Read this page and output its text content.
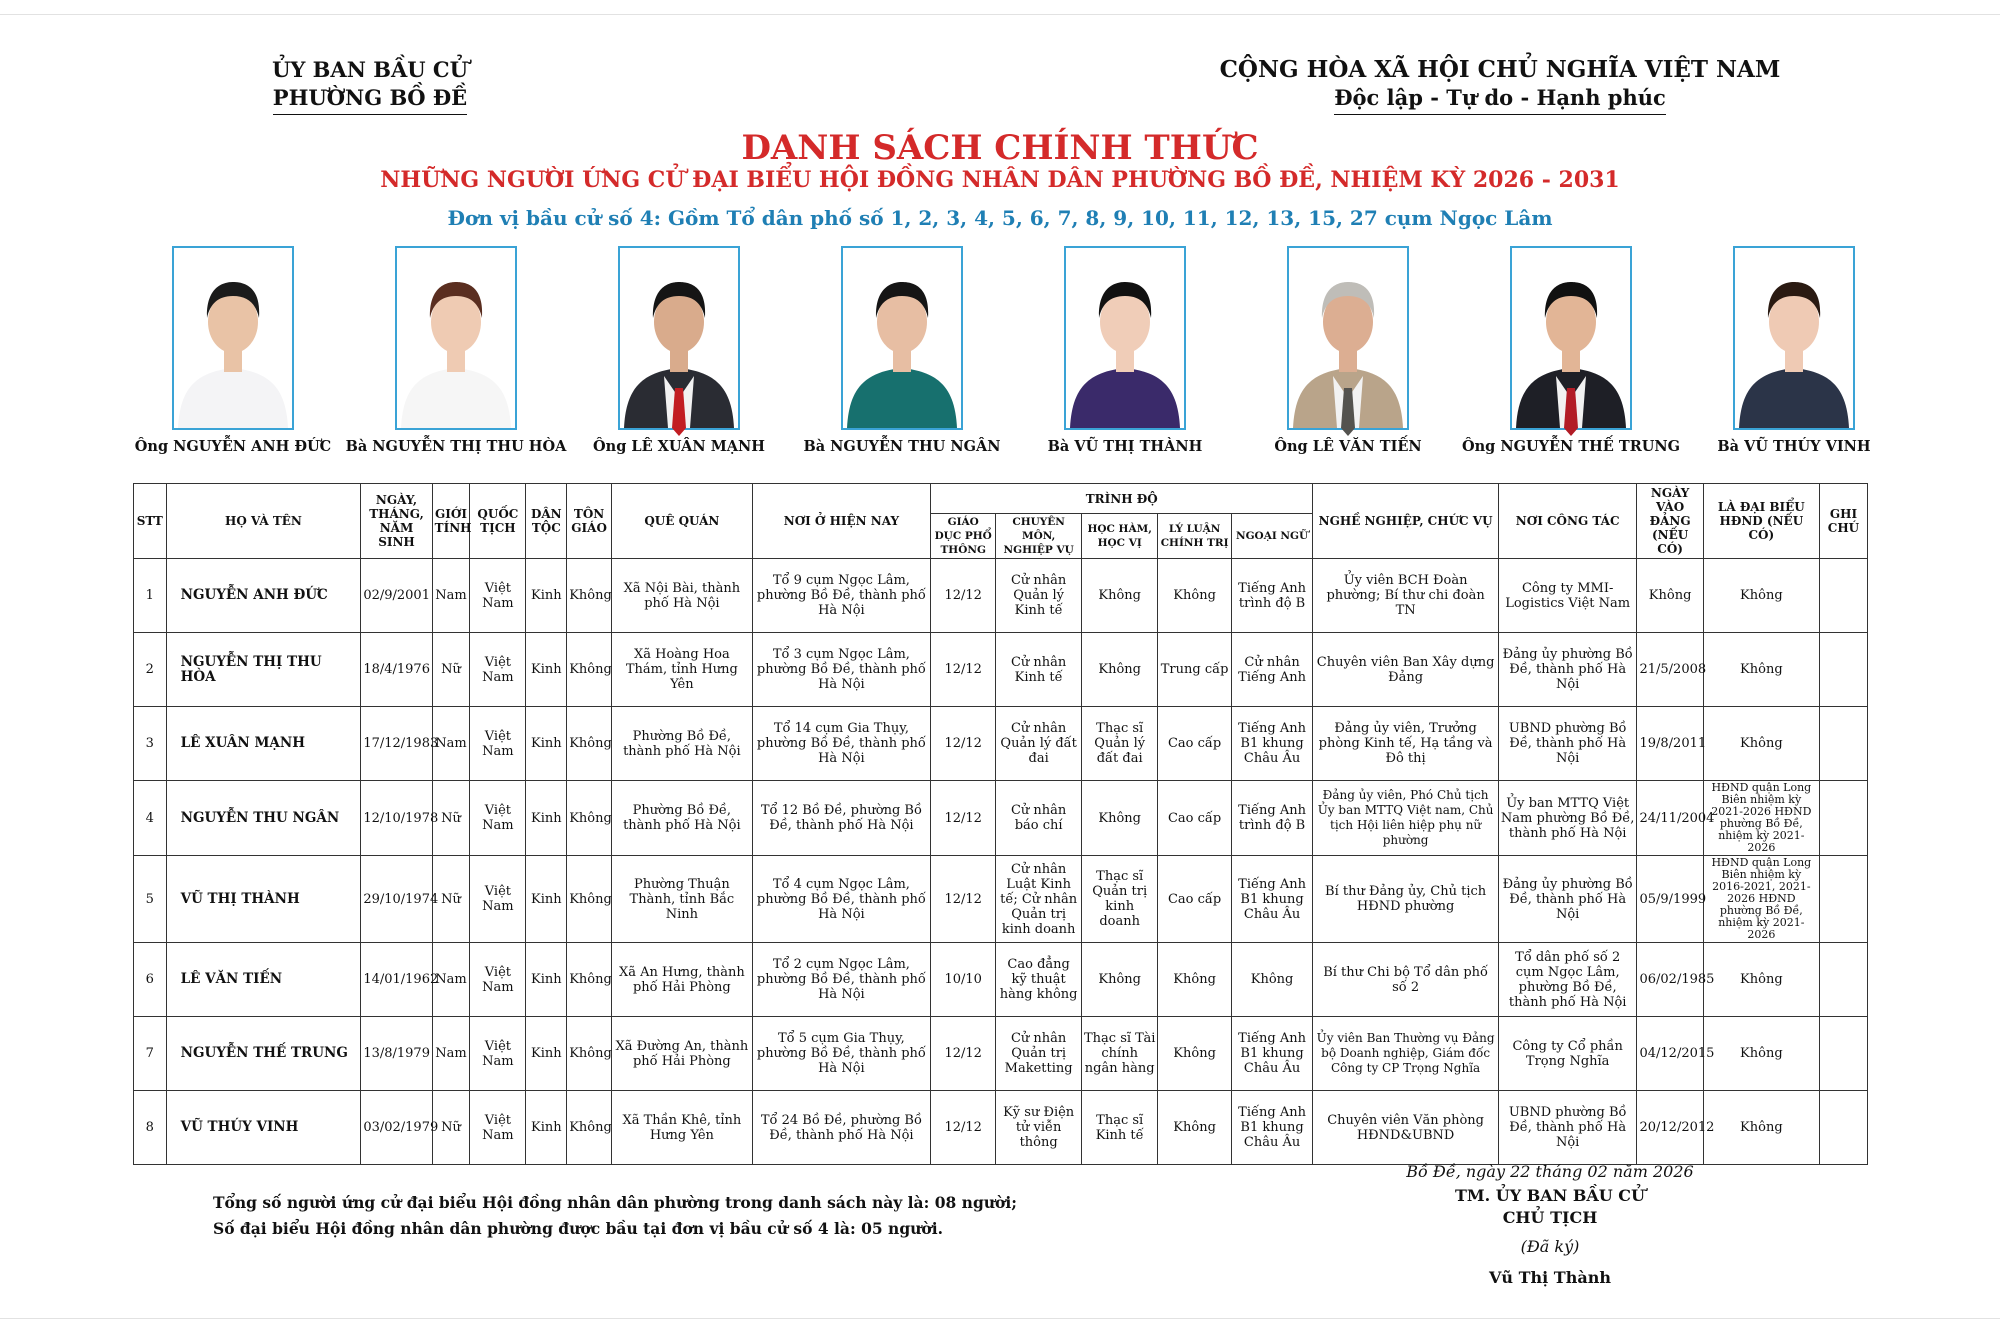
ỦY BAN BẦU CỬ
PHƯỜNG BỒ ĐỀ
CỘNG HÒA XÃ HỘI CHỦ NGHĨA VIỆT NAM
Độc lập - Tự do - Hạnh phúc
DANH SÁCH CHÍNH THỨC
NHỮNG NGƯỜI ỨNG CỬ ĐẠI BIỂU HỘI ĐỒNG NHÂN DÂN PHƯỜNG BỒ ĐỀ, NHIỆM KỲ 2026 - 2031
Đơn vị bầu cử số 4: Gồm Tổ dân phố số 1, 2, 3, 4, 5, 6, 7, 8, 9, 10, 11, 12, 13, 15, 27 cụm Ngọc Lâm
Ông NGUYỄN ANH ĐỨC Bà NGUYỄN THỊ THU HÒA	Ông LÊ XUÂN MẠNH	Bà NGUYỄN THU NGÂN	Bà VŨ THỊ THÀNH	Ông LÊ VĂN TIẾN	Ông NGUYỄN THẾ TRUNG	Bà VŨ THÚY VINH
STT	HỌ VÀ TÊN	NGÀY, THÁNG, NĂM SINH	GIỚI TÍNH	QUỐC TỊCH	DÂN TỘC	TÔN GIÁO	QUÊ QUÁN	NƠI Ở HIỆN NAY	TRÌNH ĐỘ					NGHỀ NGHIỆP, CHỨC VỤ	NƠI CÔNG TÁC	NGÀY VÀO ĐẢNG (NẾU CÓ)	LÀ ĐẠI BIỂU HĐND (NẾU CÓ)	GHI CHÚ
									GIÁO DỤC PHỔ THÔNG	CHUYÊN MÔN, NGHIỆP VỤ	HỌC HÀM, HỌC VỊ	LÝ LUẬN CHÍNH TRỊ	NGOẠI NGỮ					
1	NGUYỄN ANH ĐỨC	02/9/2001	Nam	Việt Nam	Kinh	Không	Xã Nội Bài, thành phố Hà Nội	Tổ 9 cụm Ngọc Lâm, phường Bồ Đề, thành phố Hà Nội	12/12	Cử nhân Quản lý Kinh tế	Không	Không	Tiếng Anh trình độ B	Ủy viên BCH Đoàn phường; Bí thư chi đoàn TN	Công ty MMI-Logistics Việt Nam	Không	Không	
2	NGUYỄN THỊ THU HÒA	18/4/1976	Nữ	Việt Nam	Kinh	Không	Xã Hoàng Hoa Thám, tỉnh Hưng Yên	Tổ 3 cụm Ngọc Lâm, phường Bồ Đề, thành phố Hà Nội	12/12	Cử nhân Kinh tế	Không	Trung cấp	Cử nhân Tiếng Anh	Chuyên viên Ban Xây dựng Đảng	Đảng ủy phường Bồ Đề, thành phố Hà Nội	21/5/2008	Không	
3	LÊ XUÂN MẠNH	17/12/1983	Nam	Việt Nam	Kinh	Không	Phường Bồ Đề, thành phố Hà Nội	Tổ 14 cụm Gia Thụy, phường Bồ Đề, thành phố Hà Nội	12/12	Cử nhân Quản lý đất đai	Thạc sĩ Quản lý đất đai	Cao cấp	Tiếng Anh B1 khung Châu Âu	Đảng ủy viên, Trưởng phòng Kinh tế, Hạ tầng và Đô thị	UBND phường Bồ Đề, thành phố Hà Nội	19/8/2011	Không	
4	NGUYỄN THU NGÂN	12/10/1978	Nữ	Việt Nam	Kinh	Không	Phường Bồ Đề, thành phố Hà Nội	Tổ 12 Bồ Đề, phường Bồ Đề, thành phố Hà Nội	12/12	Cử nhân báo chí	Không	Cao cấp	Tiếng Anh trình độ B	Đảng ủy viên, Phó Chủ tịch Ủy ban MTTQ Việt nam, Chủ tịch Hội liên hiệp phụ nữ phường	Ủy ban MTTQ Việt Nam phường Bồ Đề, thành phố Hà Nội	24/11/2004	HĐND quận Long Biên nhiệm kỳ 2021-2026 HĐND phường Bồ Đề, nhiệm kỳ 2021-2026	
5	VŨ THỊ THÀNH	29/10/1974	Nữ	Việt Nam	Kinh	Không	Phường Thuận Thành, tỉnh Bắc Ninh	Tổ 4 cụm Ngọc Lâm, phường Bồ Đề, thành phố Hà Nội	12/12	Cử nhân Luật Kinh tế; Cử nhân Quản trị kinh doanh	Thạc sĩ Quản trị kinh doanh	Cao cấp	Tiếng Anh B1 khung Châu Âu	Bí thư Đảng ủy, Chủ tịch HĐND phường	Đảng ủy phường Bồ Đề, thành phố Hà Nội	05/9/1999	HĐND quận Long Biên nhiệm kỳ 2016-2021, 2021-2026 HĐND phường Bồ Đề, nhiệm kỳ 2021-2026	
6	LÊ VĂN TIẾN	14/01/1962	Nam	Việt Nam	Kinh	Không	Xã An Hưng, thành phố Hải Phòng	Tổ 2 cụm Ngọc Lâm, phường Bồ Đề, thành phố Hà Nội	10/10	Cao đẳng kỹ thuật hàng không	Không	Không	Không	Bí thư Chi bộ Tổ dân phố số 2	Tổ dân phố số 2 cụm Ngọc Lâm, phường Bồ Đề, thành phố Hà Nội	06/02/1985	Không	
7	NGUYỄN THẾ TRUNG	13/8/1979	Nam	Việt Nam	Kinh	Không	Xã Đường An, thành phố Hải Phòng	Tổ 5 cụm Gia Thụy, phường Bồ Đề, thành phố Hà Nội	12/12	Cử nhân Quản trị Maketting	Thạc sĩ Tài chính ngân hàng	Không	Tiếng Anh B1 khung Châu Âu	Ủy viên Ban Thường vụ Đảng bộ Doanh nghiệp, Giám đốc Công ty CP Trọng Nghĩa	Công ty Cổ phần Trọng Nghĩa	04/12/2015	Không	
8	VŨ THÚY VINH	03/02/1979	Nữ	Việt Nam	Kinh	Không	Xã Thần Khê, tỉnh Hưng Yên	Tổ 24 Bồ Đề, phường Bồ Đề, thành phố Hà Nội	12/12	Kỹ sư Điện tử viễn thông	Thạc sĩ Kinh tế	Không	Tiếng Anh B1 khung Châu Âu	Chuyên viên Văn phòng HĐND&UBND	UBND phường Bồ Đề, thành phố Hà Nội	20/12/2012	Không	
Tổng số người ứng cử đại biểu Hội đồng nhân dân phường trong danh sách này là: 08 người;
Số đại biểu Hội đồng nhân dân phường được bầu tại đơn vị bầu cử số 4 là: 05 người.
Bồ Đề, ngày 22 tháng 02 năm 2026
TM. ỦY BAN BẦU CỬ
CHỦ TỊCH
(Đã ký)
Vũ Thị Thành
